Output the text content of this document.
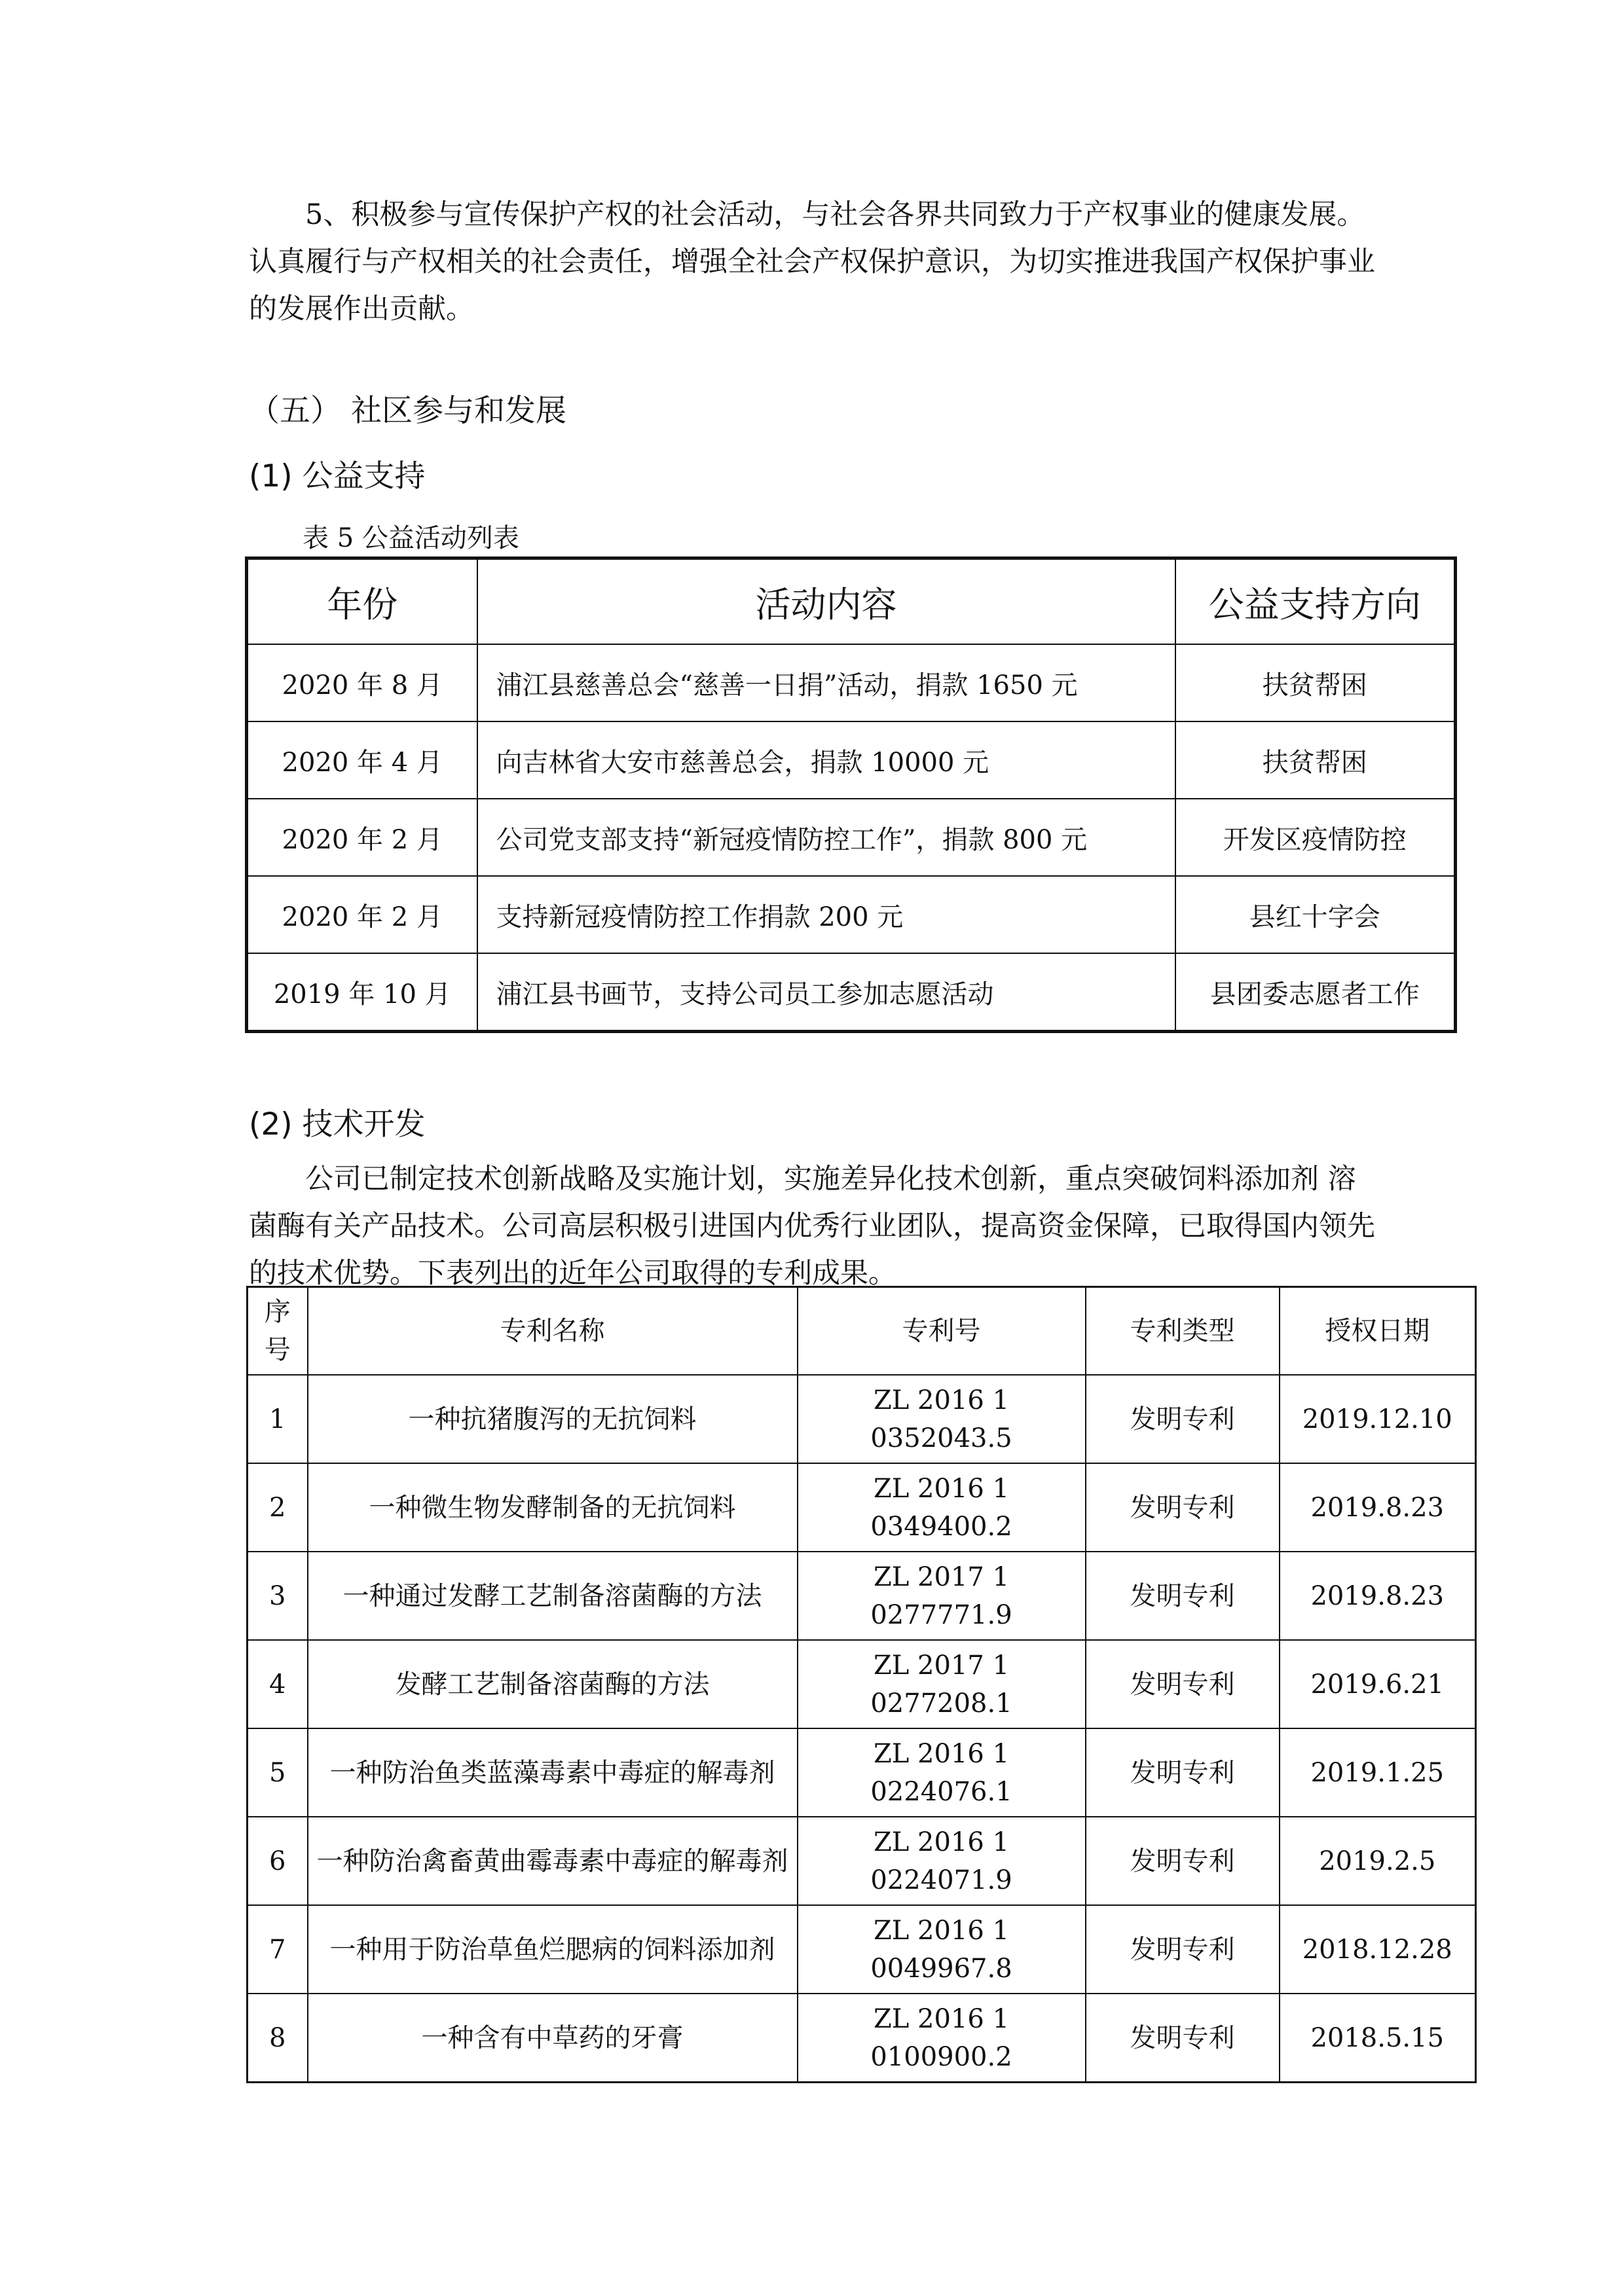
5、积极参与宣传保护产权的社会活动，与社会各界共同致力于产权事业的健康发展。
认真履行与产权相关的社会责任，增强全社会产权保护意识，为切实推进我国产权保护事业
的发展作出贡献。

（五） 社区参与和发展
(1) 公益支持
表 5 公益活动列表
年份	活动内容	公益支持方向
2020 年 8 月	浦江县慈善总会“慈善一日捐”活动，捐款 1650 元	扶贫帮困
2020 年 4 月	向吉林省大安市慈善总会，捐款 10000 元	扶贫帮困
2020 年 2 月	公司党支部支持“新冠疫情防控工作”，捐款 800 元	开发区疫情防控
2020 年 2 月	支持新冠疫情防控工作捐款 200 元	县红十字会
2019 年 10 月	浦江县书画节，支持公司员工参加志愿活动	县团委志愿者工作
(2) 技术开发

公司已制定技术创新战略及实施计划，实施差异化技术创新，重点突破饲料添加剂 溶
菌酶有关产品技术。公司高层积极引进国内优秀行业团队，提高资金保障，已取得国内领先
的技术优势。下表列出的近年公司取得的专利成果。

序号	专利名称	专利号	专利类型	授权日期
1	一种抗猪腹泻的无抗饲料	ZL 2016 1 0352043.5	发明专利	2019.12.10
2	一种微生物发酵制备的无抗饲料	ZL 2016 1 0349400.2	发明专利	2019.8.23
3	一种通过发酵工艺制备溶菌酶的方法	ZL 2017 1 0277771.9	发明专利	2019.8.23
4	发酵工艺制备溶菌酶的方法	ZL 2017 1 0277208.1	发明专利	2019.6.21
5	一种防治鱼类蓝藻毒素中毒症的解毒剂	ZL 2016 1 0224076.1	发明专利	2019.1.25
6	一种防治禽畜黄曲霉毒素中毒症的解毒剂	ZL 2016 1 0224071.9	发明专利	2019.2.5
7	一种用于防治草鱼烂腮病的饲料添加剂	ZL 2016 1 0049967.8	发明专利	2018.12.28
8	一种含有中草药的牙膏	ZL 2016 1 0100900.2	发明专利	2018.5.15
